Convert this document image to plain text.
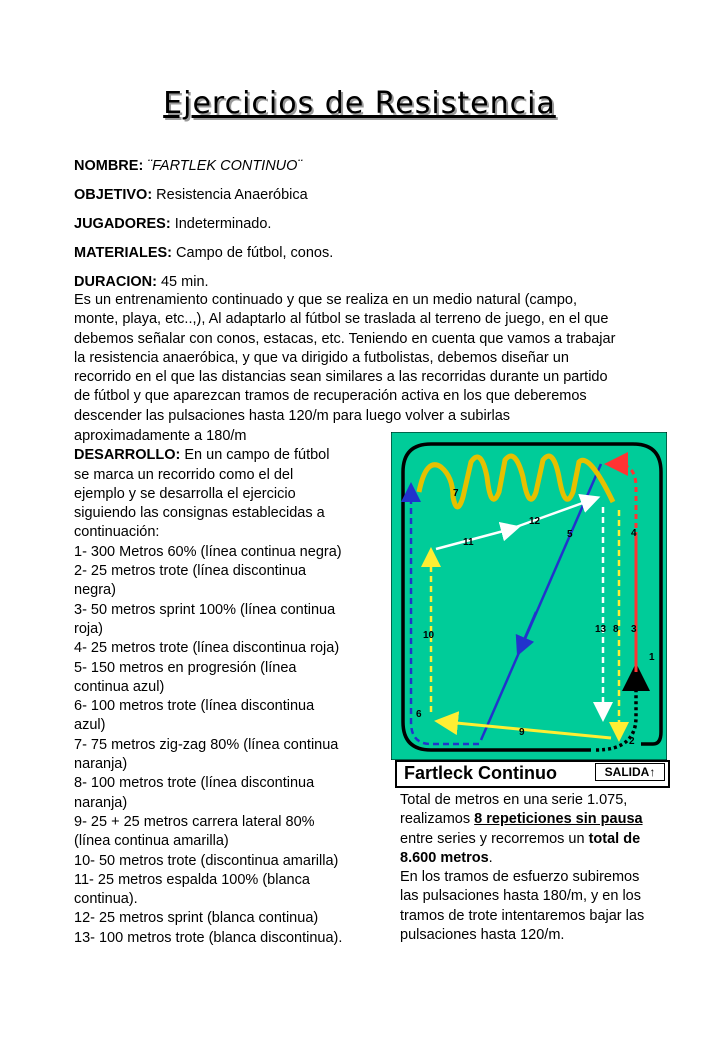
Ejercicios de Resistencia
NOMBRE: ¨FARTLEK CONTINUO¨
OBJETIVO: Resistencia Anaeróbica
JUGADORES: Indeterminado.
MATERIALES: Campo de fútbol, conos.
DURACION: 45 min.
Es un entrenamiento continuado y que se realiza en un medio natural (campo,
monte, playa, etc..,), Al adaptarlo al fútbol se traslada al terreno de juego, en el que
debemos señalar con conos, estacas, etc. Teniendo en cuenta que vamos a trabajar
la resistencia anaeróbica, y que va dirigido a futbolistas, debemos diseñar un
recorrido en el que las distancias sean similares a las recorridas durante un partido
de fútbol y que aparezcan tramos de recuperación activa en los que deberemos
descender las pulsaciones hasta 120/m para luego volver a subirlas
aproximadamente a 180/m
DESARROLLO: En un campo de fútbol
se marca un recorrido como el del
ejemplo y se desarrolla el ejercicio
siguiendo las consignas establecidas a
continuación:
1- 300 Metros 60% (línea continua negra)
2- 25 metros trote (línea discontinua
negra)
3- 50 metros sprint 100% (línea continua
roja)
4- 25 metros trote (línea discontinua roja)
5- 150 metros en progresión (línea
continua azul)
6- 100 metros trote (línea discontinua
azul)
7- 75 metros zig-zag 80% (línea continua
naranja)
8- 100 metros trote (línea discontinua
naranja)
9- 25 + 25 metros carrera lateral 80%
(línea continua amarilla)
10- 50 metros trote (discontinua amarilla)
11- 25 metros espalda 100% (blanca
continua).
12- 25 metros sprint (blanca continua)
13- 100 metros trote (blanca discontinua).
1
2
3
4
5
6
7
8
9
10
11
12
13
Fartleck Continuo	SALIDA↑
Total de metros en una serie 1.075,
realizamos 8 repeticiones sin pausa
entre series y recorremos un total de
8.600 metros.
En los tramos de esfuerzo subiremos
las pulsaciones hasta 180/m, y en los
tramos de trote intentaremos bajar las
pulsaciones hasta 120/m.
